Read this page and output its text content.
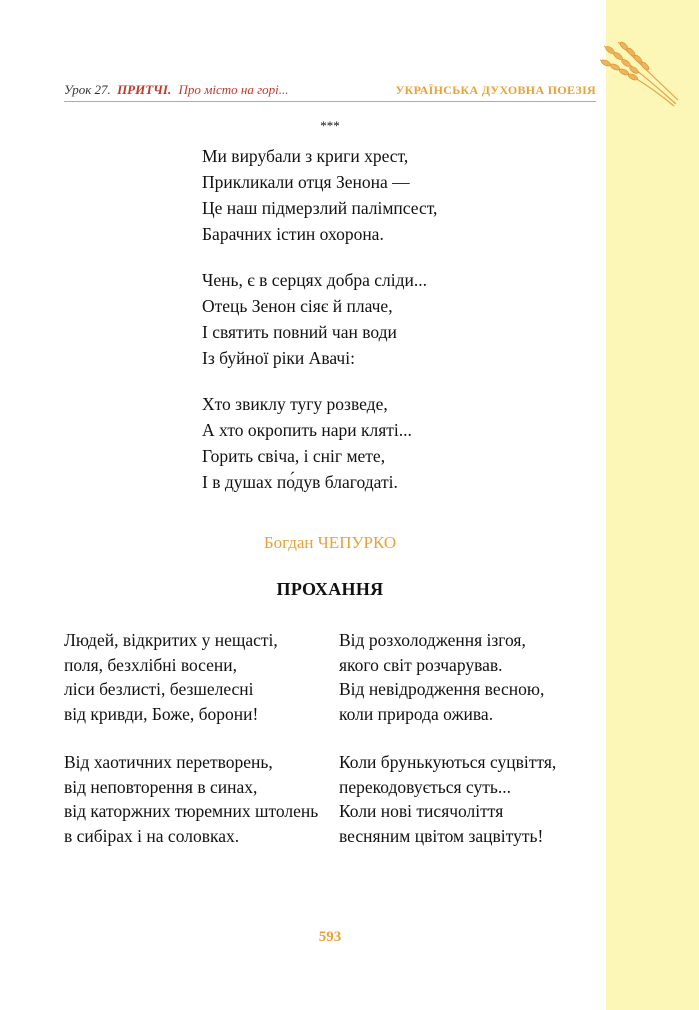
Урок 27. ПРИТЧІ. Про місто на горі...	УКРАЇНСЬКА ДУХОВНА ПОЕЗІЯ
***
Ми вирубали з криги хрест,
Прикликали отця Зенона —
Це наш підмерзлий палімпсест,
Барачних істин охорона.
Чень, є в серцях добра сліди...
Отець Зенон сіяє й плаче,
І святить повний чан води
Із буйної ріки Авачі:
Хто звиклу тугу розведе,
А хто окропить нари кляті...
Горить свіча, і сніг мете,
І в душах по́дув благодаті.
Богдан ЧЕПУРКО
ПРОХАННЯ
Людей, відкритих у нещасті,
поля, безхлібні восени,
ліси безлисті, безшелесні
від кривди, Боже, борони!
Від хаотичних перетворень,
від неповторення в синах,
від каторжних тюремних штолень
в сибірах і на соловках.
Від розхолодження ізгоя,
якого світ розчарував.
Від невідродження весною,
коли природа ожива.
Коли брунькуються суцвіття,
перекодовується суть...
Коли нові тисячоліття
весняним цвітом зацвітуть!
593
